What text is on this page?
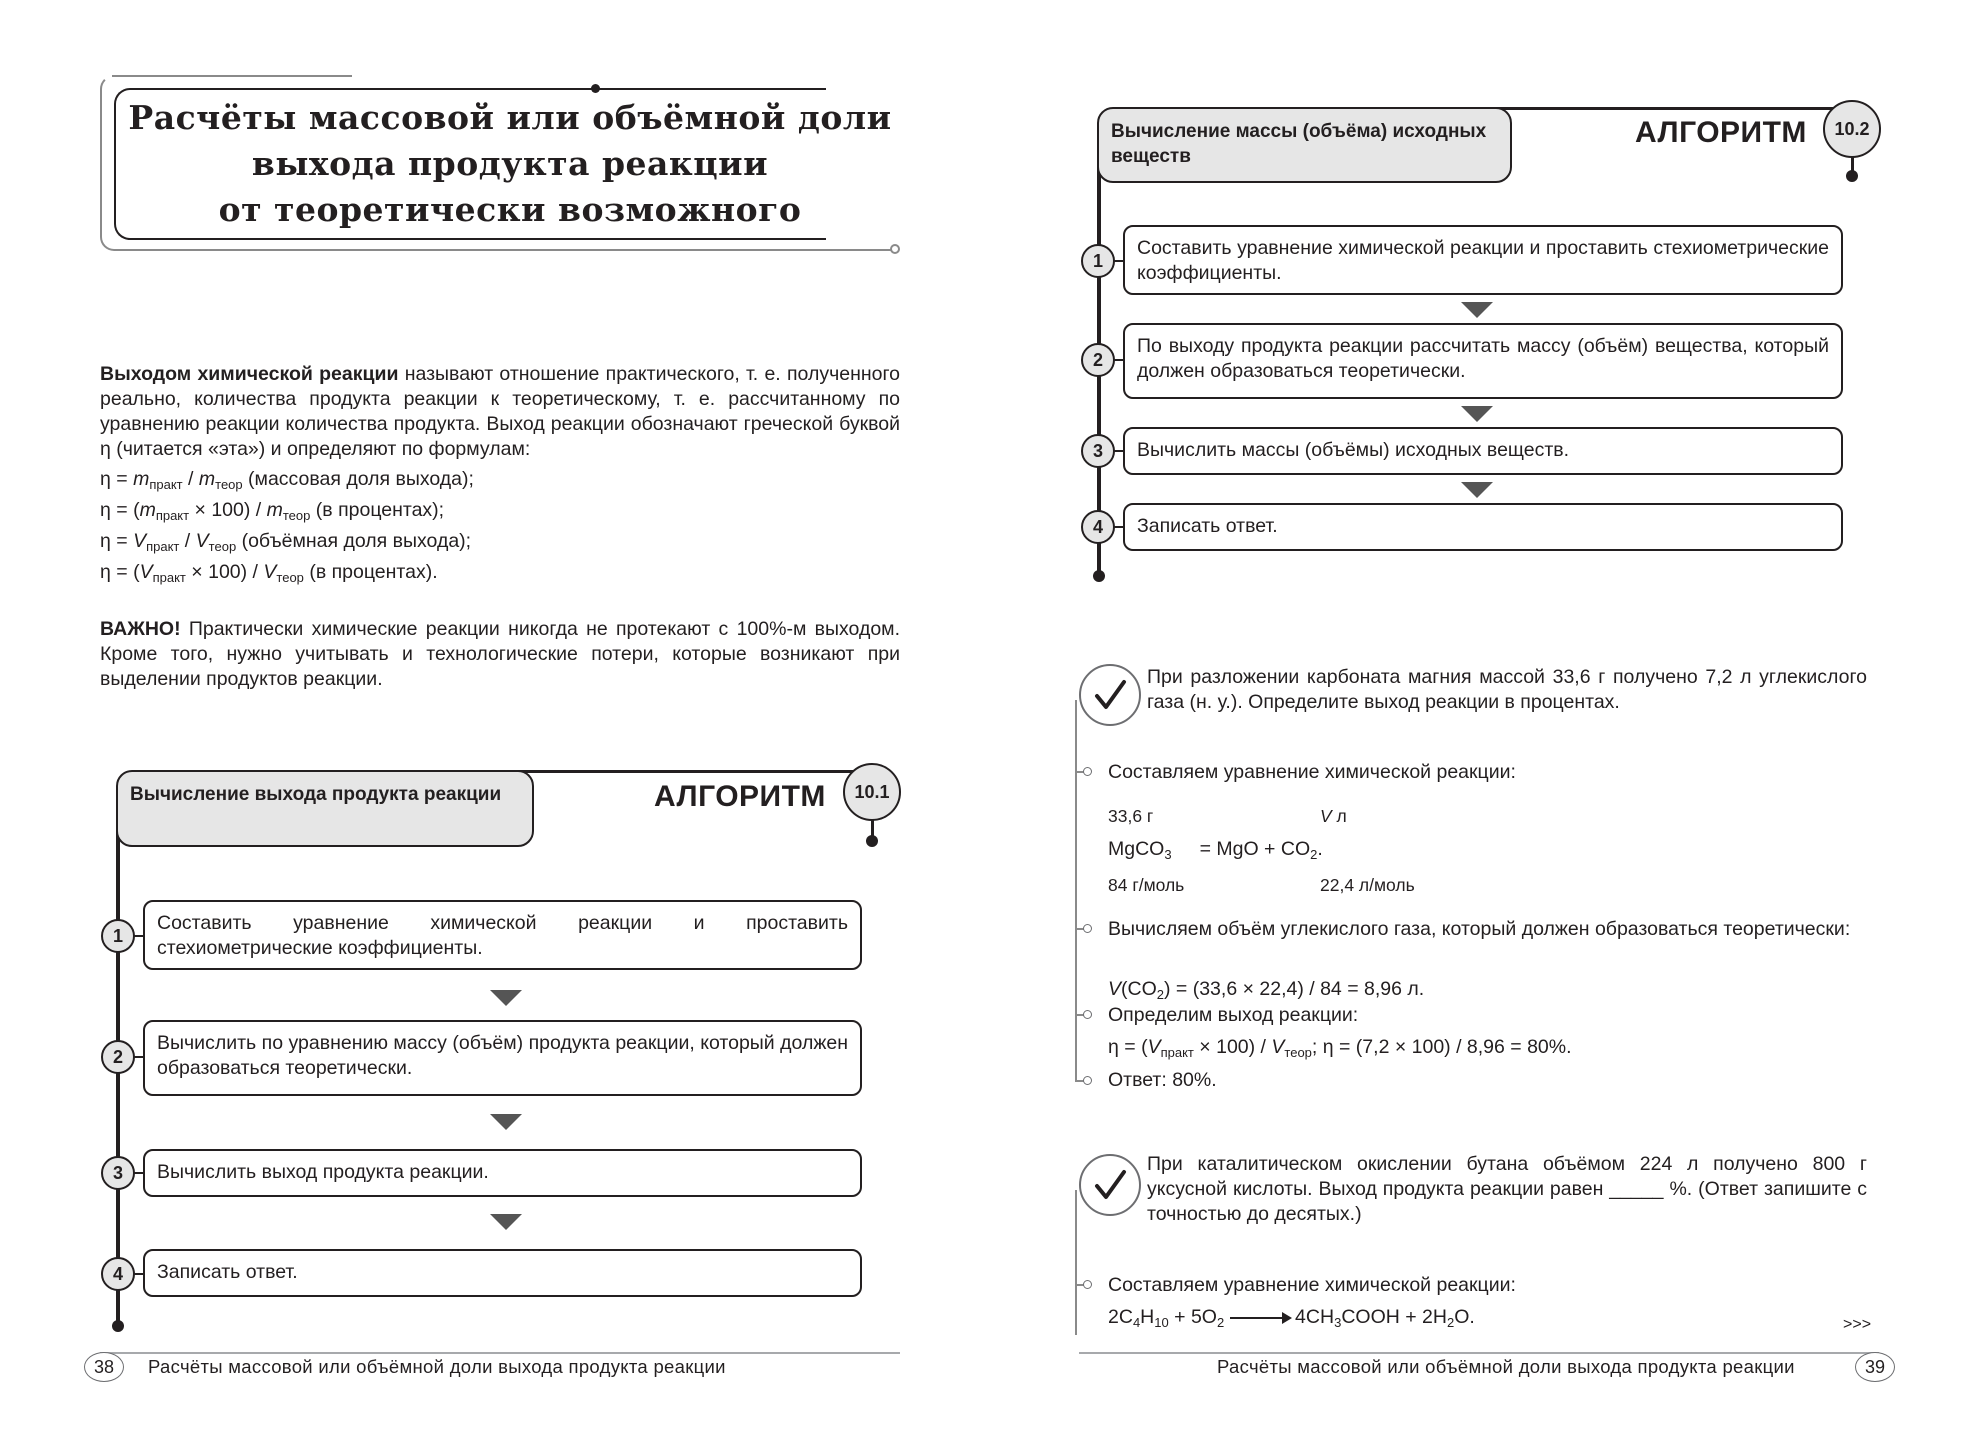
Расчёты массовой или объёмной доли
выхода продукта реакции
от теоретически возможного

Выходом химической реакции называют отношение практического, т. е. полученного реально, количества продукта реакции к теоретическому, т. е. рассчитанному по уравнению реакции количества продукта. Выход реакции обозначают греческой буквой η (читается «эта») и определяют по формулам:

$\eta = m_{практ} / m_{теор}$ (массовая доля выхода);
$\eta = (m_{практ} \times 100) / m_{теор}$ (в процентах);
$\eta = V_{практ} / V_{теор}$ (объёмная доля выхода);
$\eta = (V_{практ} \times 100) / V_{теор}$ (в процентах).

ВАЖНО! Практически химические реакции никогда не протекают с 100%-м выходом. Кроме того, нужно учитывать и технологические потери, которые возникают при выделении продуктов реакции.

Вычисление выхода продукта реакции	АЛГОРИТМ	10.1
1
Составить уравнение химической реакции и проставить стехиометрические коэффициенты.
2
Вычислить по уравнению массу (объём) продукта реакции, который должен образоваться теоретически.
3	Вычислить выход продукта реакции.
4	Записать ответ.
38	Расчёты массовой или объёмной доли выхода продукта реакции
Вычисление массы (объёма) исходных веществ
АЛГОРИТМ	10.2
1
Составить уравнение химической реакции и проставить стехиометрические коэффициенты.
2
По выходу продукта реакции рассчитать массу (объём) вещества, который должен образоваться теоретически.
3	Вычислить массы (объёмы) исходных веществ.
4	Записать ответ.
При разложении карбоната магния массой 33,6 г получено 7,2 л углекислого газа (н. у.). Определите выход реакции в процентах.
Составляем уравнение химической реакции:
33,6 г	V л
MgCO$_3$ = MgO + $CO_2$.
84 г/моль	22,4 л/моль
Вычисляем объём углекислого газа, который должен образоваться теоретически:
$V(CO_2) = (33,6 \times 22,4) / 84 = 8,96$ л.
Определим выход реакции:
$\eta = (V_{практ} \times 100) / V_{теор}$; η = (7,2 × 100) / 8,96 = 80%.
Ответ: 80%.
При каталитическом окислении бутана объёмом 224 л получено 800 г уксусной кислоты. Выход продукта реакции равен _____ %. (Ответ запишите с точностью до десятых.)
Составляем уравнение химической реакции:
$2C_4H_{10} + 5O_2$	$4CH_3COOH + 2H_2O$.	>>>
Расчёты массовой или объёмной доли выхода продукта реакции	39
